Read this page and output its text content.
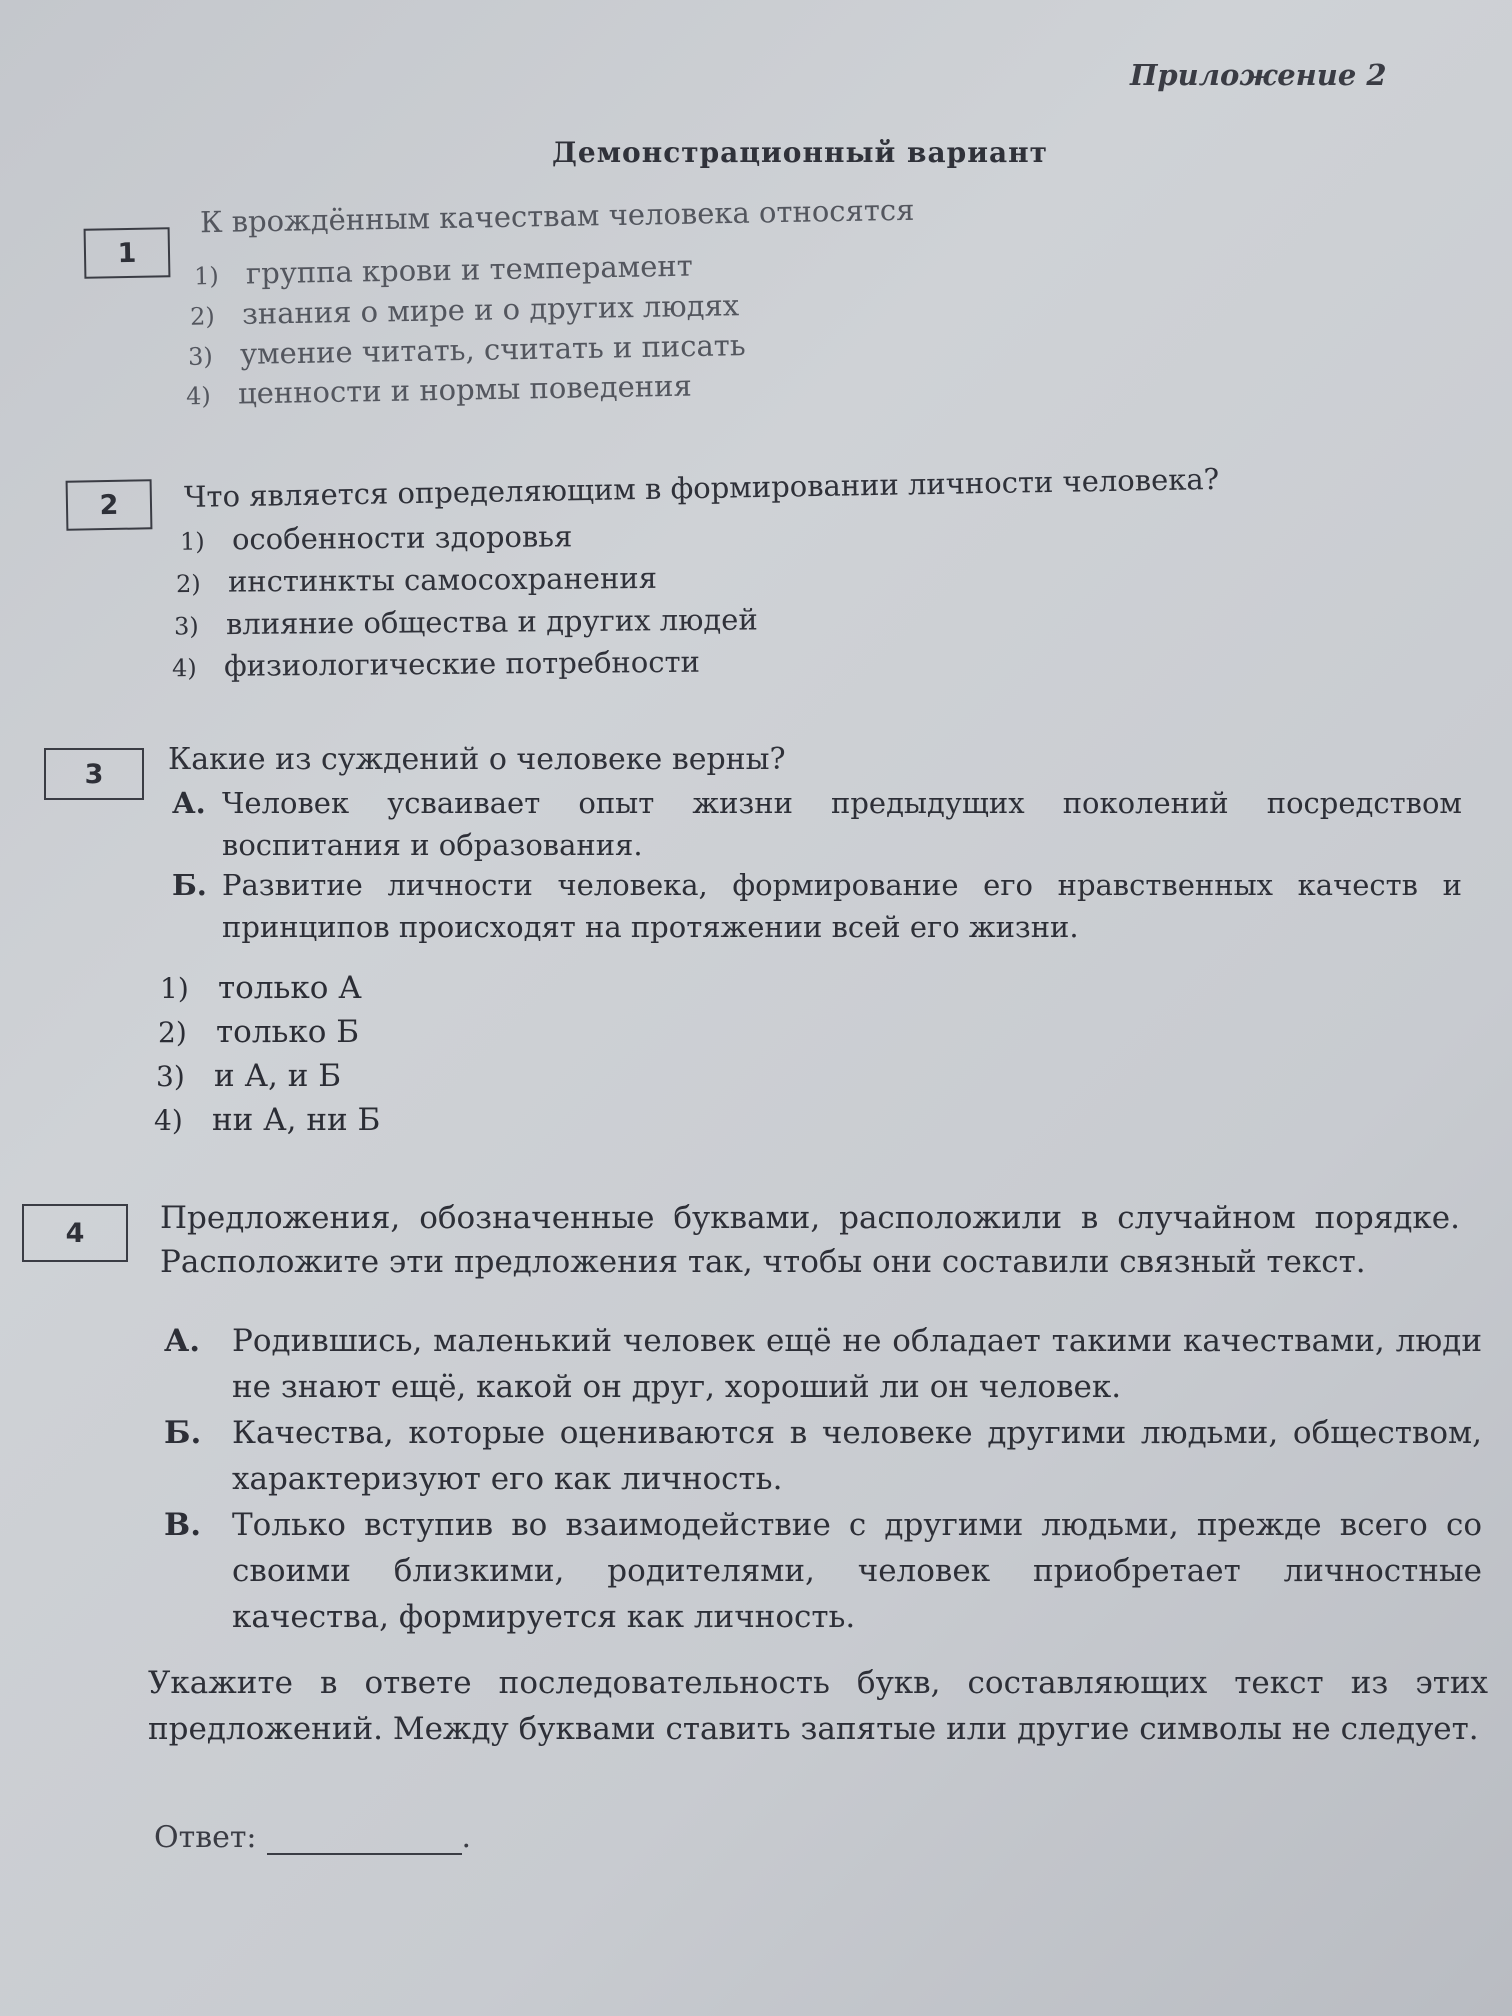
Приложение 2
Демонстрационный вариант
1
К врождённым качествам человека относятся
1) группа крови и темперамент
2) знания о мире и о других людях
3) умение читать, считать и писать
4) ценности и нормы поведения
2	Что является определяющим в формировании личности человека?
1) особенности здоровья
2) инстинкты самосохранения
3) влияние общества и других людей
4) физиологические потребности
3	Какие из суждений о человеке верны?
А. Человек усваивает опыт жизни предыдущих поколений посредством воспитания и образования.
Б. Развитие личности человека, формирование его нравственных качеств и принципов происходят на протяжении всей его жизни.
1) только А
2) только Б
3) и А, и Б
4) ни А, ни Б
4	Предложения, обозначенные буквами, расположили в случайном порядке. Расположите эти предложения так, чтобы они составили связный текст.
А. Родившись, маленький человек ещё не обладает такими качествами, люди не знают ещё, какой он друг, хороший ли он человек.
Б. Качества, которые оцениваются в человеке другими людьми, обществом, характеризуют его как личность.
В. Только вступив во взаимодействие с другими людьми, прежде всего со своими близкими, родителями, человек приобретает личностные качества, формируется как личность.
Укажите в ответе последовательность букв, составляющих текст из этих предложений. Между буквами ставить запятые или другие символы не следует.
Ответ:	.
